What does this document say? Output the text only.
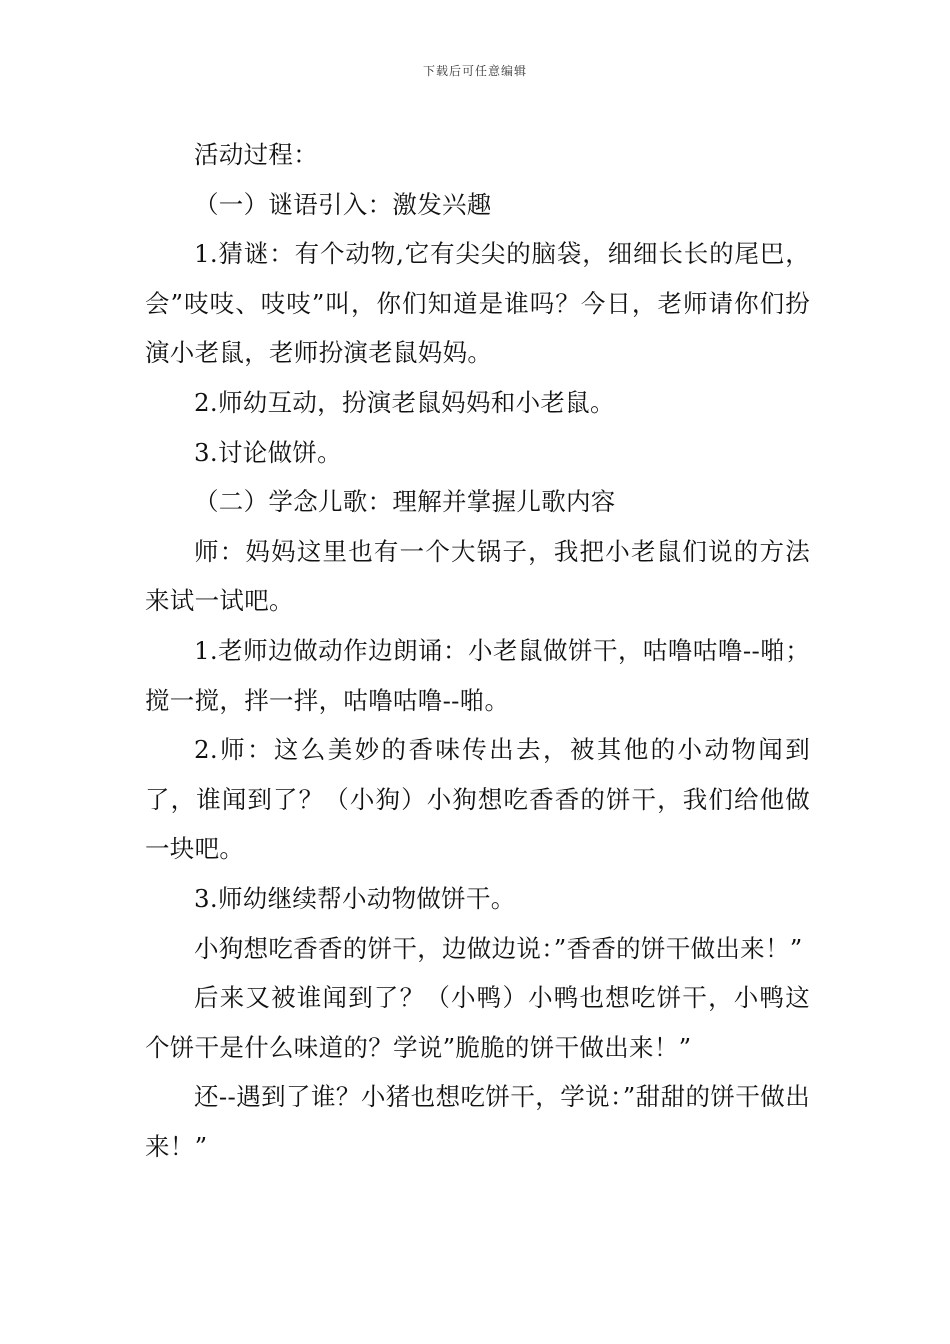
下载后可任意编辑

活动过程：

（一）谜语引入：激发兴趣

1.猜谜：有个动物,它有尖尖的脑袋，细细长长的尾巴，会”吱吱、吱吱”叫，你们知道是谁吗？今日，老师请你们扮演小老鼠，老师扮演老鼠妈妈。

2.师幼互动，扮演老鼠妈妈和小老鼠。

3.讨论做饼。

（二）学念儿歌：理解并掌握儿歌内容

师：妈妈这里也有一个大锅子，我把小老鼠们说的方法来试一试吧。

1.老师边做动作边朗诵：小老鼠做饼干，咕噜咕噜--啪；搅一搅，拌一拌，咕噜咕噜--啪。

2.师：这么美妙的香味传出去，被其他的小动物闻到了，谁闻到了？（小狗）小狗想吃香香的饼干，我们给他做一块吧。

3.师幼继续帮小动物做饼干。

小狗想吃香香的饼干，边做边说：”香香的饼干做出来！”

后来又被谁闻到了？（小鸭）小鸭也想吃饼干，小鸭这个饼干是什么味道的？学说”脆脆的饼干做出来！”

还--遇到了谁？小猪也想吃饼干，学说：”甜甜的饼干做出来！”
